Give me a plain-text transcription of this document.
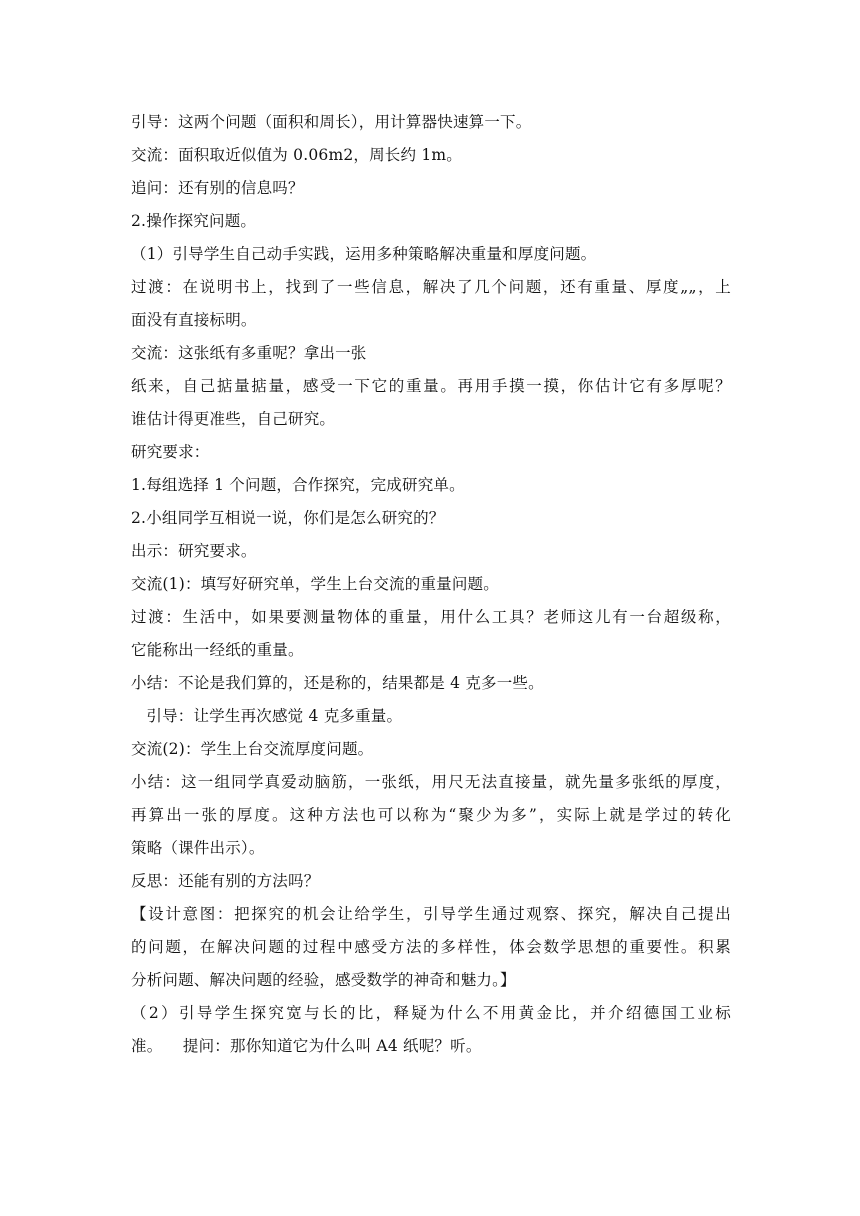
引导：这两个问题（面积和周长），用计算器快速算一下。
交流：面积取近似值为 0.06m2，周长约 1m。
追问：还有别的信息吗？
2.操作探究问题。
（1）引导学生自己动手实践，运用多种策略解决重量和厚度问题。
过渡：在说明书上，找到了一些信息，解决了几个问题，还有重量、厚度„„，上
面没有直接标明。
交流：这张纸有多重呢？拿出一张
纸来，自己掂量掂量，感受一下它的重量。再用手摸一摸，你估计它有多厚呢？
谁估计得更准些，自己研究。
研究要求：
1.每组选择 1 个问题，合作探究，完成研究单。
2.小组同学互相说一说，你们是怎么研究的？
出示：研究要求。
交流(1)：填写好研究单，学生上台交流的重量问题。
过渡：生活中，如果要测量物体的重量，用什么工具？老师这儿有一台超级称，
它能称出一经纸的重量。
小结：不论是我们算的，还是称的，结果都是 4 克多一些。
引导：让学生再次感觉 4 克多重量。
交流(2)：学生上台交流厚度问题。
小结：这一组同学真爱动脑筋，一张纸，用尺无法直接量，就先量多张纸的厚度，
再算出一张的厚度。这种方法也可以称为“聚少为多”，实际上就是学过的转化
策略（课件出示）。
反思：还能有别的方法吗？
【设计意图：把探究的机会让给学生，引导学生通过观察、探究，解决自己提出
的问题，在解决问题的过程中感受方法的多样性，体会数学思想的重要性。积累
分析问题、解决问题的经验，感受数学的神奇和魅力。】
（2）引导学生探究宽与长的比，释疑为什么不用黄金比，并介绍德国工业标
准。    提问：那你知道它为什么叫 A4 纸呢？听。
